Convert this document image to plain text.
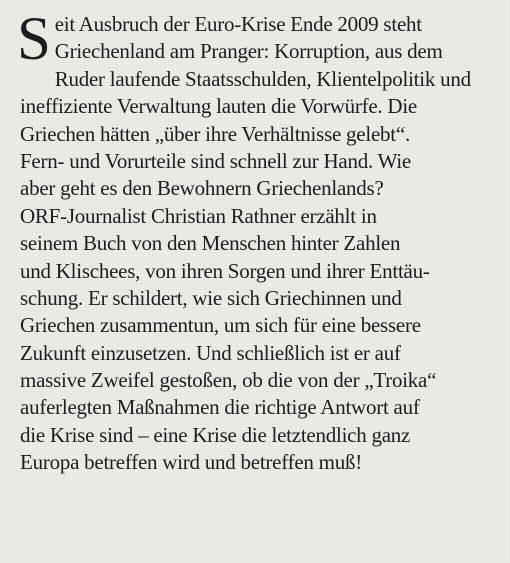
S eit Ausbruch der Euro-Krise Ende 2009 steht
Griechenland am Pranger: Korruption, aus dem
Ruder laufende Staatsschulden, Klientelpolitik und
ineffiziente Verwaltung lauten die Vorwürfe. Die
Griechen hätten „über ihre Verhältnisse gelebt“.
Fern- und Vorurteile sind schnell zur Hand. Wie
aber geht es den Bewohnern Griechenlands?
ORF-Journalist Christian Rathner erzählt in
seinem Buch von den Menschen hinter Zahlen
und Klischees, von ihren Sorgen und ihrer Enttäu-
schung. Er schildert, wie sich Griechinnen und
Griechen zusammentun, um sich für eine bessere
Zukunft einzusetzen. Und schließlich ist er auf
massive Zweifel gestoßen, ob die von der „Troika“
auferlegten Maßnahmen die richtige Antwort auf
die Krise sind – eine Krise die letztendlich ganz
Europa betreffen wird und betreffen muß!
